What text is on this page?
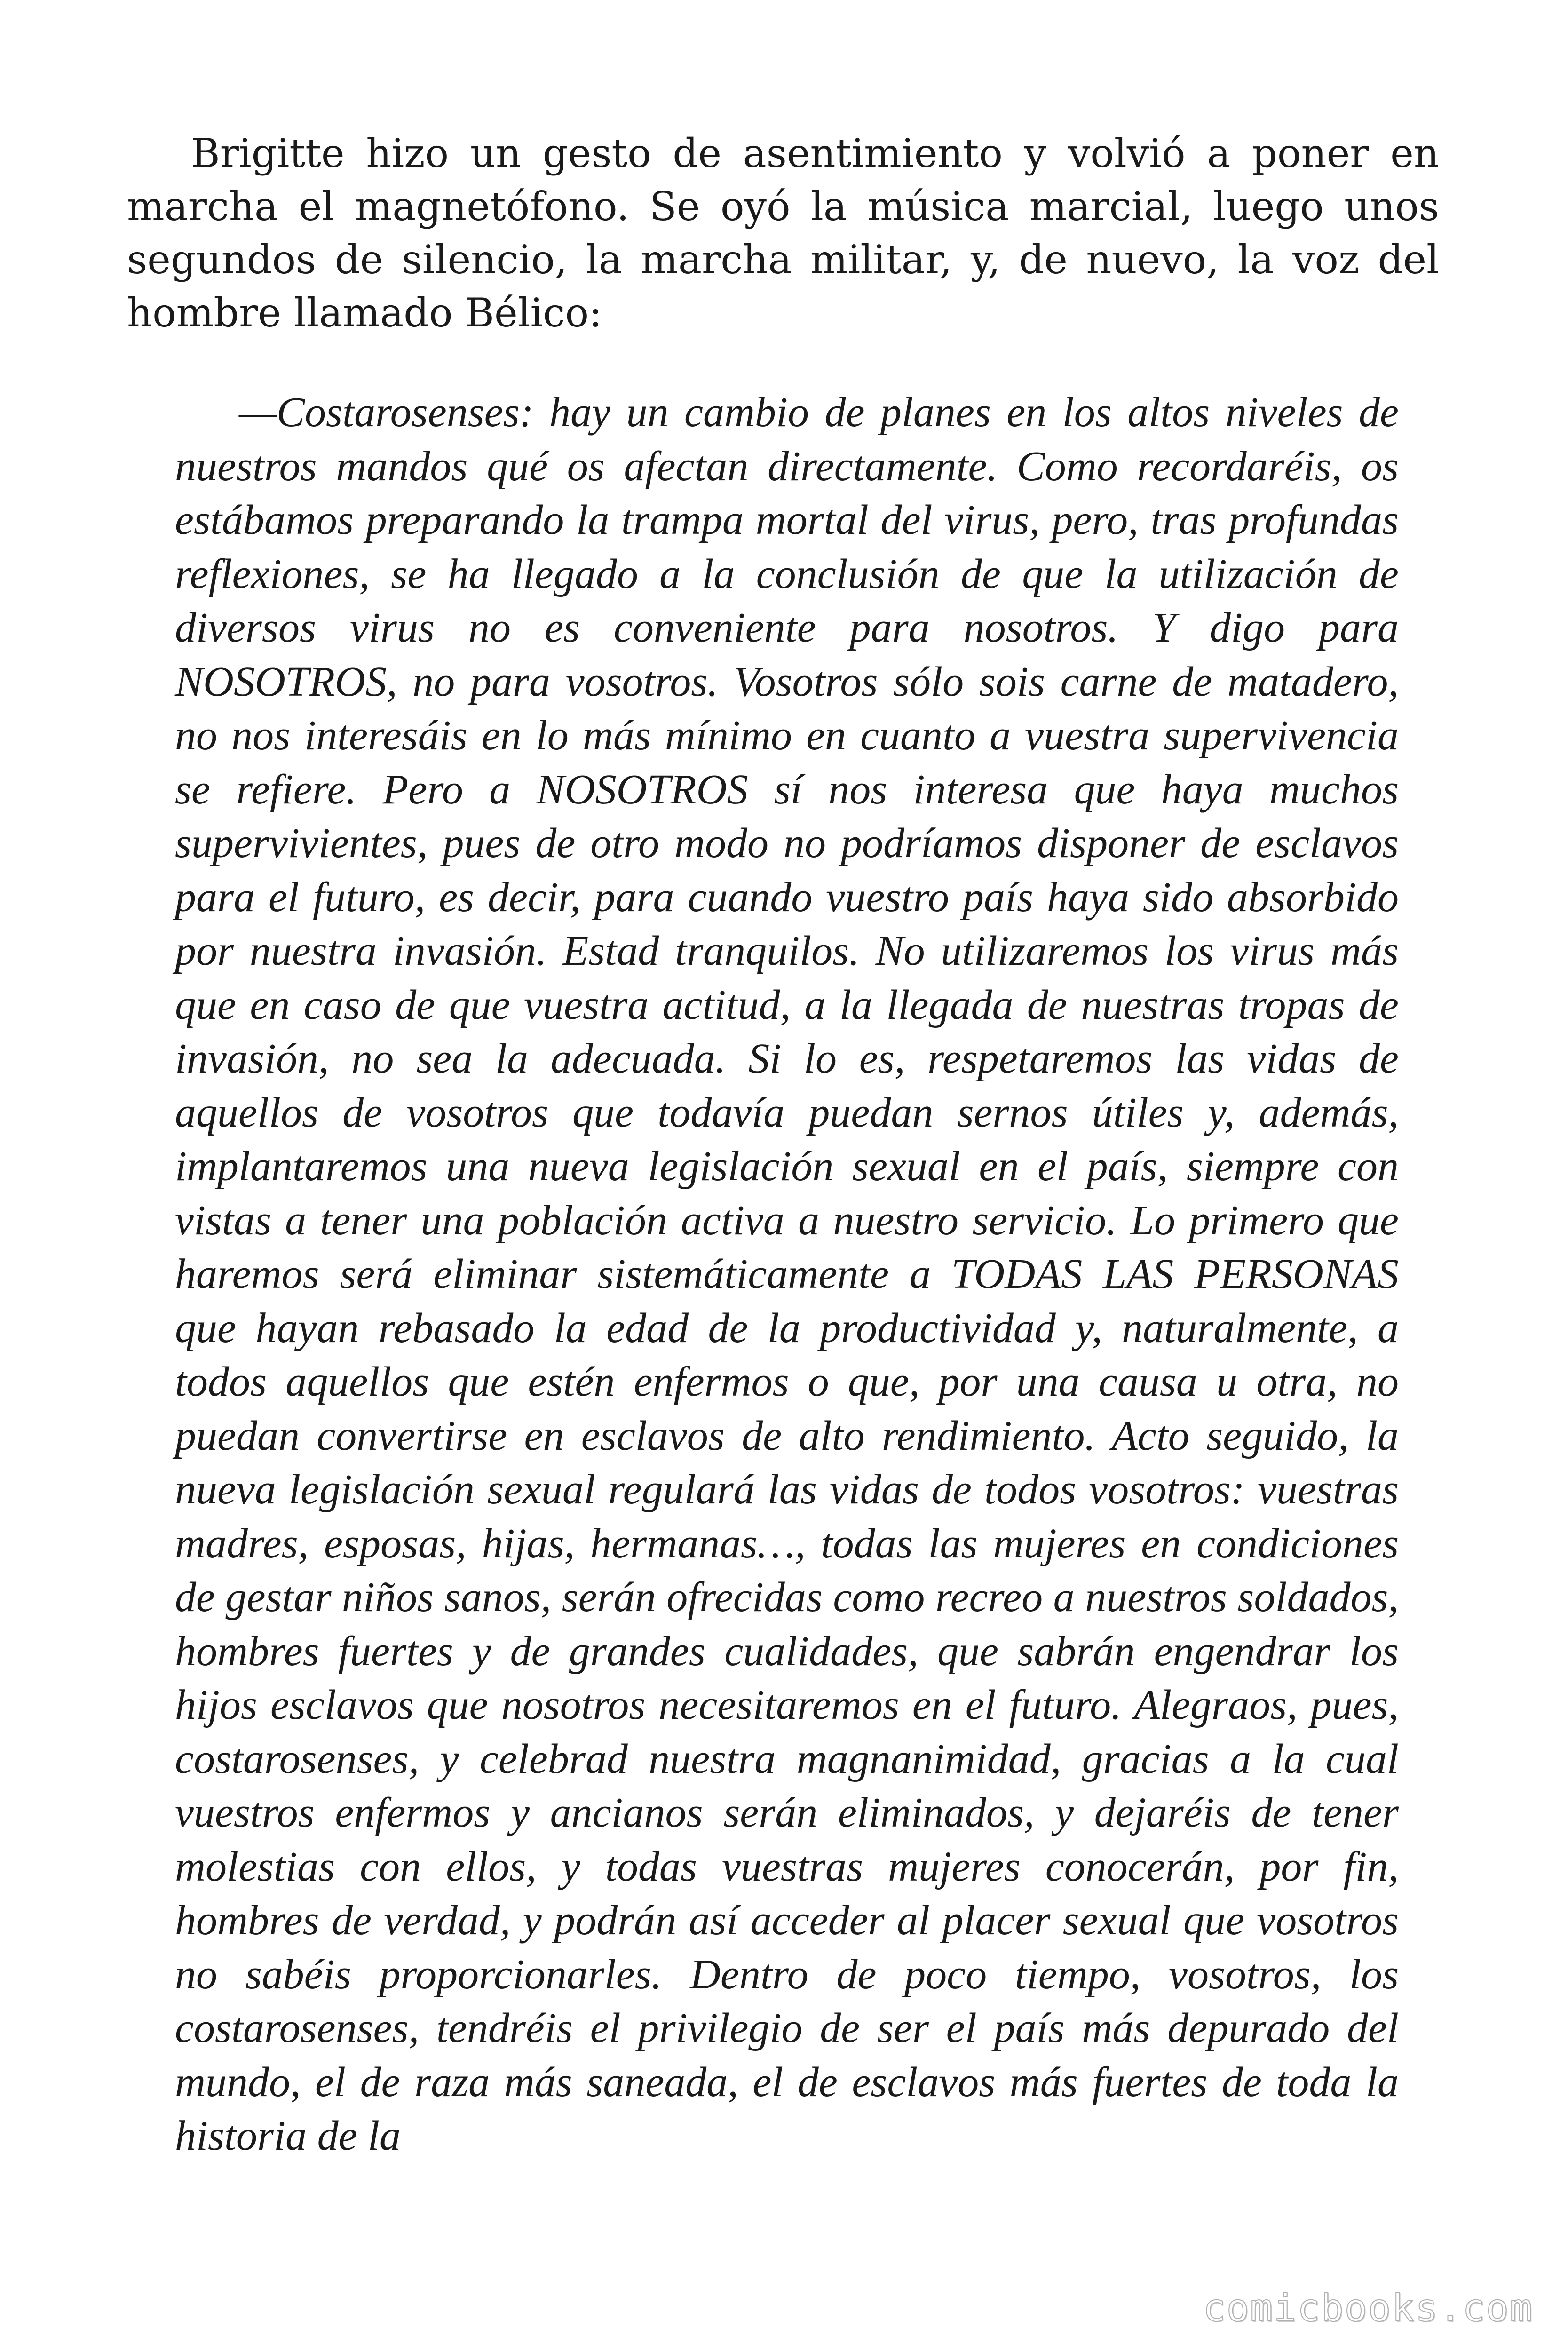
Brigitte hizo un gesto de asentimiento y volvió a poner en marcha el magnetófono. Se oyó la música marcial, luego unos segundos de silencio, la marcha militar, y, de nuevo, la voz del hombre llamado Bélico:

—Costarosenses: hay un cambio de planes en los altos niveles de nuestros mandos qué os afectan directamente. Como recordaréis, os estábamos preparando la trampa mortal del virus, pero, tras profundas reflexiones, se ha llegado a la conclusión de que la utilización de diversos virus no es conveniente para nosotros. Y digo para NOSOTROS, no para vosotros. Vosotros sólo sois carne de matadero, no nos interesáis en lo más mínimo en cuanto a vuestra supervivencia se refiere. Pero a NOSOTROS sí nos interesa que haya muchos supervivientes, pues de otro modo no podríamos disponer de esclavos para el futuro, es decir, para cuando vuestro país haya sido absorbido por nuestra invasión. Estad tranquilos. No utilizaremos los virus más que en caso de que vuestra actitud, a la llegada de nuestras tropas de invasión, no sea la adecuada. Si lo es, respetaremos las vidas de aquellos de vosotros que todavía puedan sernos útiles y, además, implantaremos una nueva legislación sexual en el país, siempre con vistas a tener una población activa a nuestro servicio. Lo primero que haremos será eliminar sistemáticamente a TODAS LAS PERSONAS que hayan rebasado la edad de la productividad y, naturalmente, a todos aquellos que estén enfermos o que, por una causa u otra, no puedan convertirse en esclavos de alto rendimiento. Acto seguido, la nueva legislación sexual regulará las vidas de todos vosotros: vuestras madres, esposas, hijas, hermanas…, todas las mujeres en condiciones de gestar niños sanos, serán ofrecidas como recreo a nuestros soldados, hombres fuertes y de grandes cualidades, que sabrán engendrar los hijos esclavos que nosotros necesitaremos en el futuro. Alegraos, pues, costarosenses, y celebrad nuestra magnanimidad, gracias a la cual vuestros enfermos y ancianos serán eliminados, y dejaréis de tener molestias con ellos, y todas vuestras mujeres conocerán, por fin, hombres de verdad, y podrán así acceder al placer sexual que vosotros no sabéis proporcionarles. Dentro de poco tiempo, vosotros, los costarosenses, tendréis el privilegio de ser el país más depurado del mundo, el de raza más saneada, el de esclavos más fuertes de toda la historia de la

comicbooks.com
